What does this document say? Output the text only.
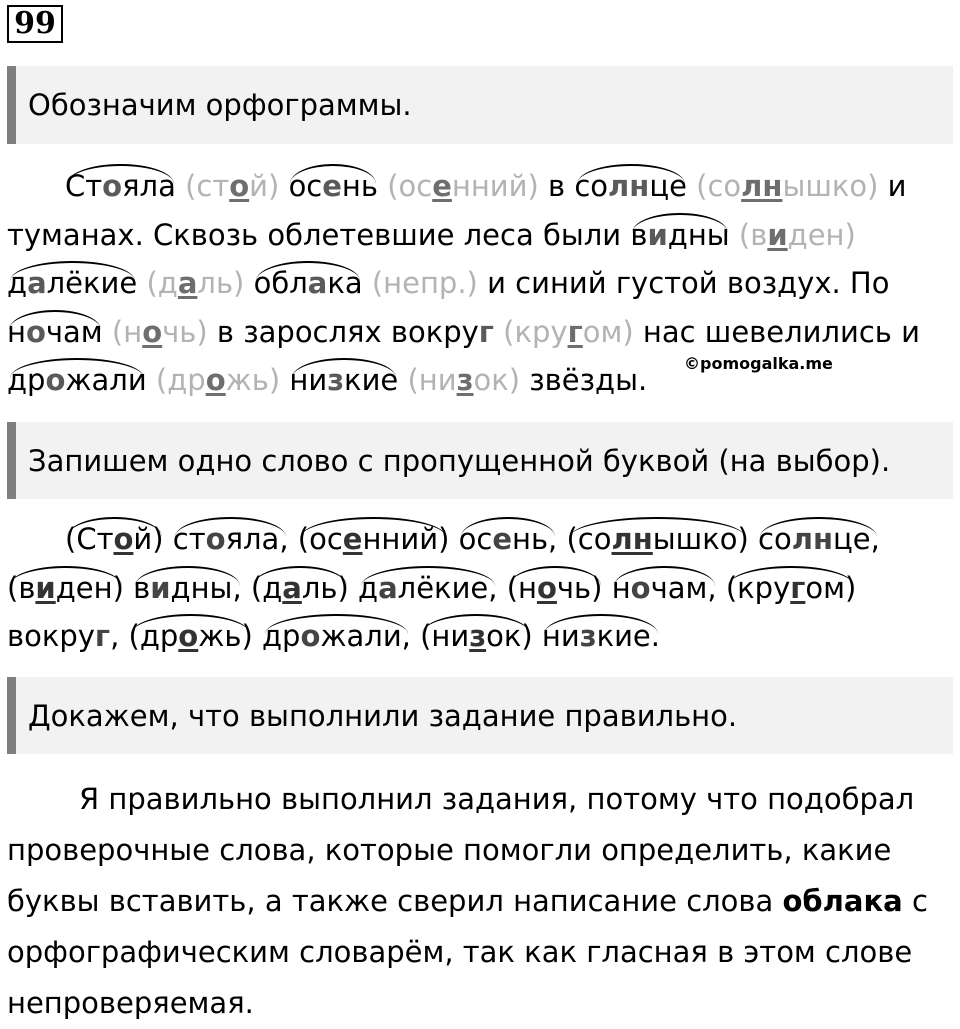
99
Обозначим орфограммы.
Стояла (стой) осень (осенний) в солнце (солнышко) и
туманах. Сквозь облетевшие леса были видны (виден)
далёкие (даль) облака (непр.) и синий густой воздух. По
ночам (ночь) в зарослях вокруг (кругом) нас шевелились и
дрожали (дрожь) низкие (низок) звёзды.	©pomogalka.me
Запишем одно слово с пропущенной буквой (на выбор).
(Стой) стояла, (осенний) осень, (солнышко) солнце,
(виден) видны, (даль) далёкие, (ночь) ночам, (кругом)
вокруг, (дрожь) дрожали, (низок) низкие.
Докажем, что выполнили задание правильно.
Я правильно выполнил задания, потому что подобрал
проверочные слова, которые помогли определить, какие
буквы вставить, а также сверил написание слова облака с
орфографическим словарём, так как гласная в этом слове
непроверяемая.
